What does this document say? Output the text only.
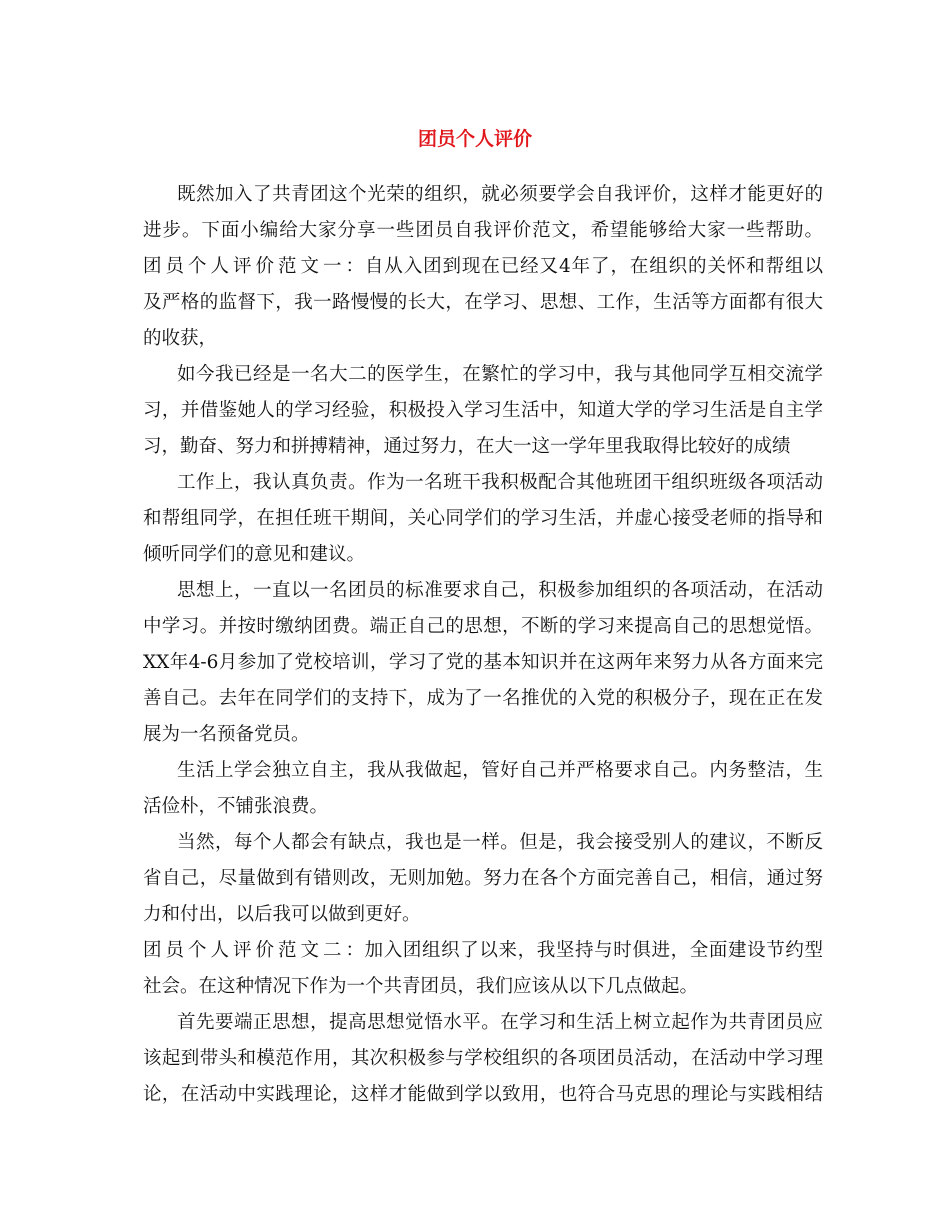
团员个人评价
既然加入了共青团这个光荣的组织，就必须要学会自我评价，这样才能更好的
进步。下面小编给大家分享一些团员自我评价范文，希望能够给大家一些帮助。
团员个人评价范文一：自从入团到现在已经又4年了，在组织的关怀和帮组以
及严格的监督下，我一路慢慢的长大，在学习、思想、工作，生活等方面都有很大
的收获，
如今我已经是一名大二的医学生，在繁忙的学习中，我与其他同学互相交流学
习，并借鉴她人的学习经验，积极投入学习生活中，知道大学的学习生活是自主学
习，勤奋、努力和拼搏精神，通过努力，在大一这一学年里我取得比较好的成绩
工作上，我认真负责。作为一名班干我积极配合其他班团干组织班级各项活动
和帮组同学，在担任班干期间，关心同学们的学习生活，并虚心接受老师的指导和
倾听同学们的意见和建议。
思想上，一直以一名团员的标准要求自己，积极参加组织的各项活动，在活动
中学习。并按时缴纳团费。端正自己的思想，不断的学习来提高自己的思想觉悟。
XX年4-6月参加了党校培训，学习了党的基本知识并在这两年来努力从各方面来完
善自己。去年在同学们的支持下，成为了一名推优的入党的积极分子，现在正在发
展为一名预备党员。
生活上学会独立自主，我从我做起，管好自己并严格要求自己。内务整洁，生
活俭朴，不铺张浪费。
当然，每个人都会有缺点，我也是一样。但是，我会接受别人的建议，不断反
省自己，尽量做到有错则改，无则加勉。努力在各个方面完善自己，相信，通过努
力和付出，以后我可以做到更好。
团员个人评价范文二：加入团组织了以来，我坚持与时俱进，全面建设节约型
社会。在这种情况下作为一个共青团员，我们应该从以下几点做起。
首先要端正思想，提高思想觉悟水平。在学习和生活上树立起作为共青团员应
该起到带头和模范作用，其次积极参与学校组织的各项团员活动，在活动中学习理
论，在活动中实践理论，这样才能做到学以致用，也符合马克思的理论与实践相结
